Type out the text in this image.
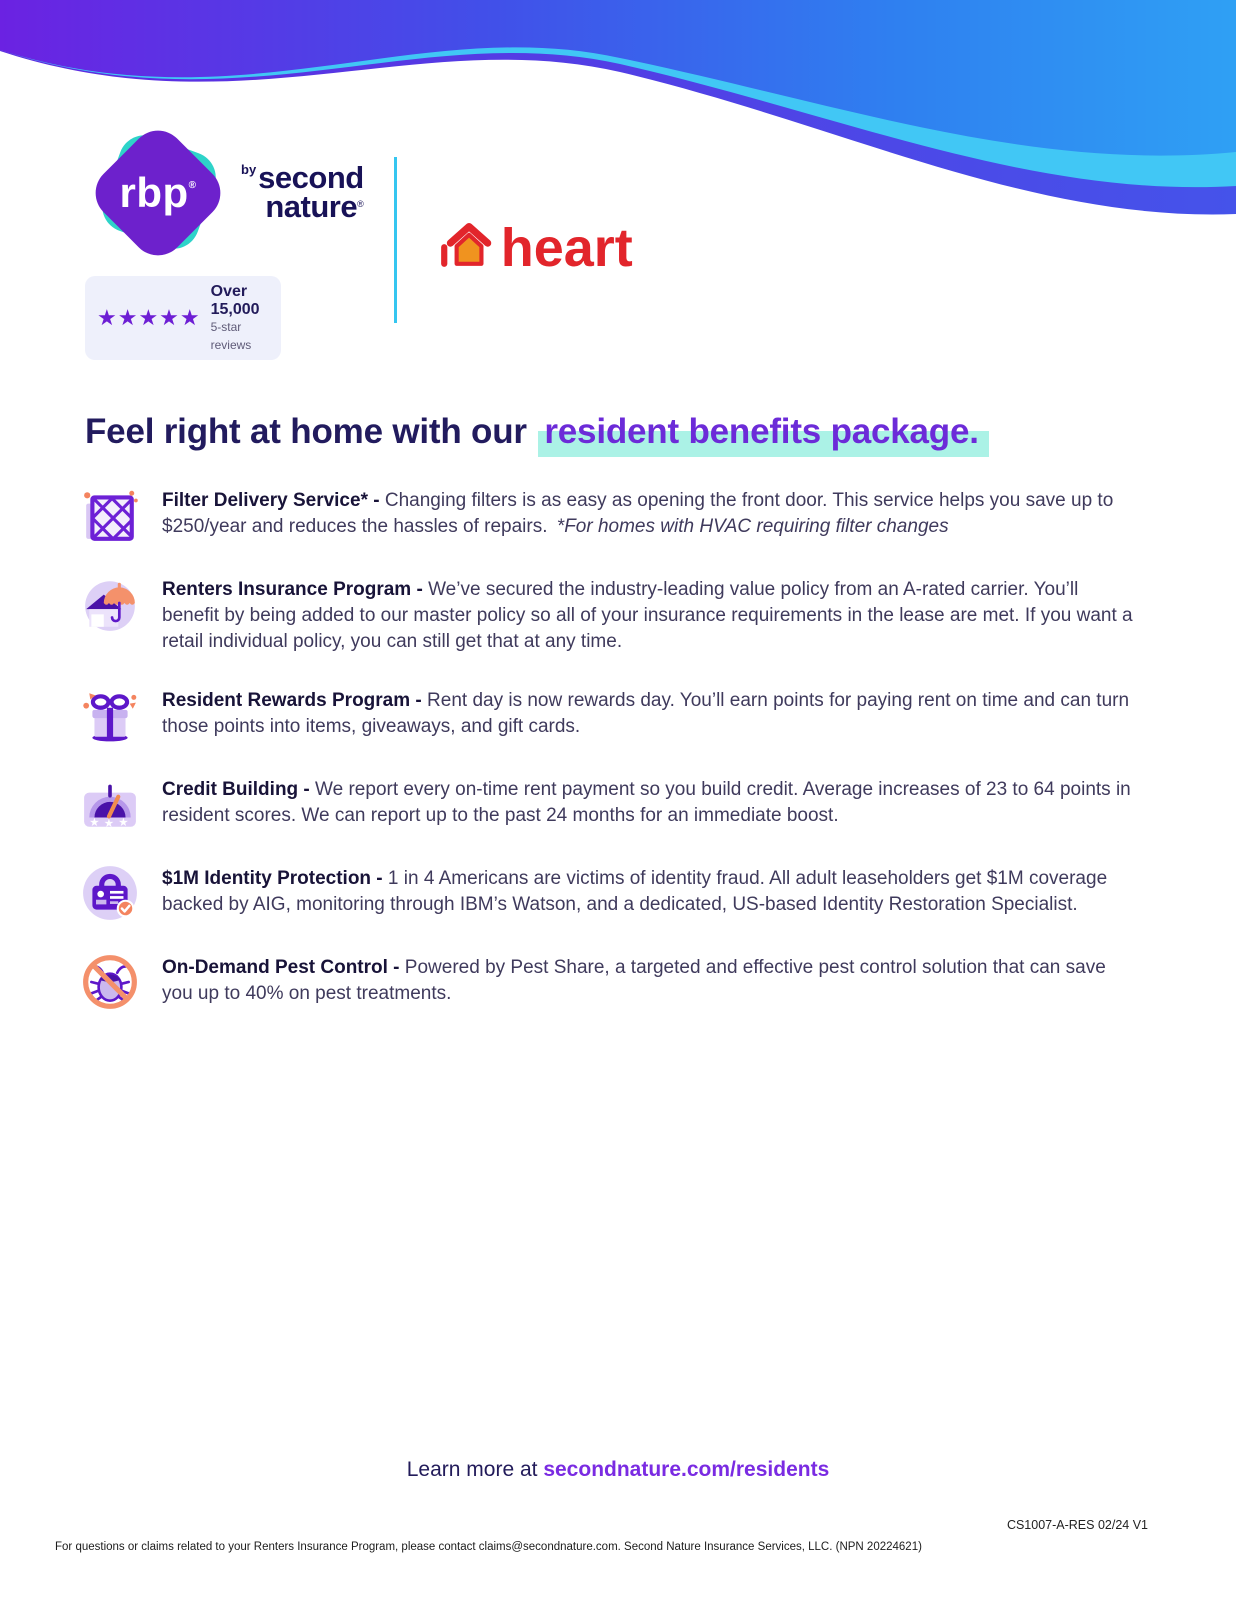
rbp ®
$^{by}$second
nature®
★★★★★
Over 15,000
5-star reviews
heart
Feel right at home with our resident benefits package.

Filter Delivery Service* - Changing filters is as easy as opening the front door. This service helps you save up to $250/year and reduces the hassles of repairs. *For homes with HVAC requiring filter changes

Renters Insurance Program - We’ve secured the industry-leading value policy from an A-rated carrier. You’ll benefit by being added to our master policy so all of your insurance requirements in the lease are met. If you want a retail individual policy, you can still get that at any time.

Resident Rewards Program - Rent day is now rewards day. You’ll earn points for paying rent on time and can turn those points into items, giveaways, and gift cards.

★ ★ ★

Credit Building - We report every on-time rent payment so you build credit. Average increases of 23 to 64 points in resident scores. We can report up to the past 24 months for an immediate boost.

$1M Identity Protection - 1 in 4 Americans are victims of identity fraud. All adult leaseholders get $1M coverage backed by AIG, monitoring through IBM’s Watson, and a dedicated, US-based Identity Restoration Specialist.

On-Demand Pest Control - Powered by Pest Share, a targeted and effective pest control solution that can save you up to 40% on pest treatments.

Learn more at secondnature.com/residents
CS1007-A-RES 02/24 V1
For questions or claims related to your Renters Insurance Program, please contact claims@secondnature.com. Second Nature Insurance Services, LLC. (NPN 20224621)
